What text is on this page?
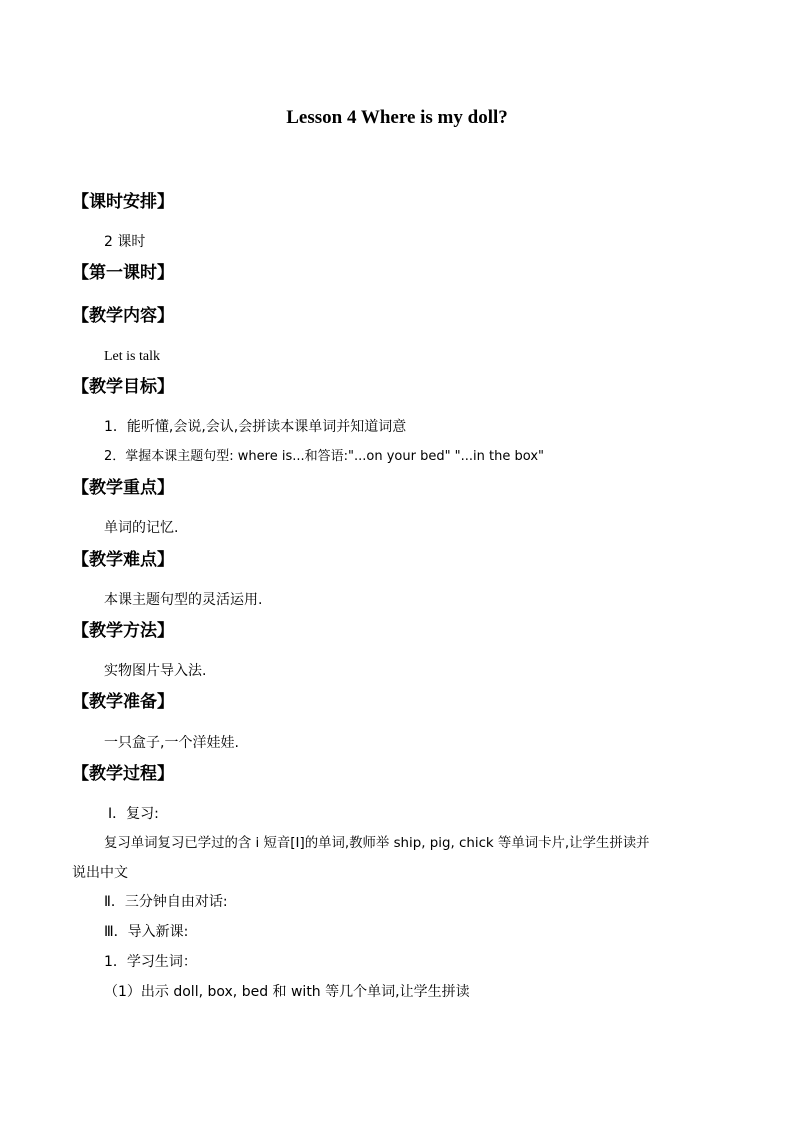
Lesson 4 Where is my doll?
【课时安排】
2 课时
【第一课时】
【教学内容】
Let is talk
【教学目标】
1．能听懂,会说,会认,会拼读本课单词并知道词意
2．掌握本课主题句型: where is...和答语:"...on your bed" "...in the box"
【教学重点】
单词的记忆.
【教学难点】
本课主题句型的灵活运用.
【教学方法】
实物图片导入法.
【教学准备】
一只盒子,一个洋娃娃.
【教学过程】
Ⅰ．复习:
复习单词复习已学过的含 i 短音[I]的单词,教师举 ship, pig, chick 等单词卡片,让学生拼读并
说出中文
Ⅱ．三分钟自由对话:
Ⅲ．导入新课:
1．学习生词：
（1）出示 doll, box, bed 和 with 等几个单词,让学生拼读
